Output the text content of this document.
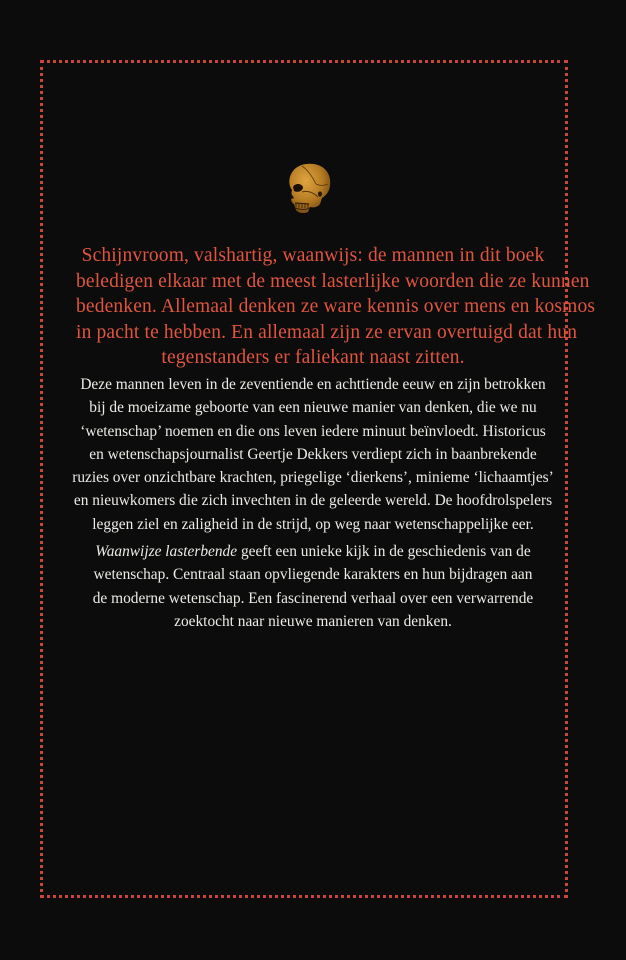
Schijnvroom, valshartig, waanwijs: de mannen in dit boek
beledigen elkaar met de meest lasterlijke woorden die ze kunnen
bedenken. Allemaal denken ze ware kennis over mens en kosmos
in pacht te hebben. En allemaal zijn ze ervan overtuigd dat hun
tegenstanders er faliekant naast zitten.
Deze mannen leven in de zeventiende en achttiende eeuw en zijn betrokken
bij de moeizame geboorte van een nieuwe manier van denken, die we nu
‘wetenschap’ noemen en die ons leven iedere minuut beïnvloedt. Historicus
en wetenschapsjournalist Geertje Dekkers verdiept zich in baanbrekende
ruzies over onzichtbare krachten, priegelige ‘dierkens’, minieme ‘lichaamtjes’
en nieuwkomers die zich invechten in de geleerde wereld. De hoofdrolspelers
leggen ziel en zaligheid in de strijd, op weg naar wetenschappelijke eer.
Waanwijze lasterbende geeft een unieke kijk in de geschiedenis van de
wetenschap. Centraal staan opvliegende karakters en hun bijdragen aan
de moderne wetenschap. Een fascinerend verhaal over een verwarrende
zoektocht naar nieuwe manieren van denken.
